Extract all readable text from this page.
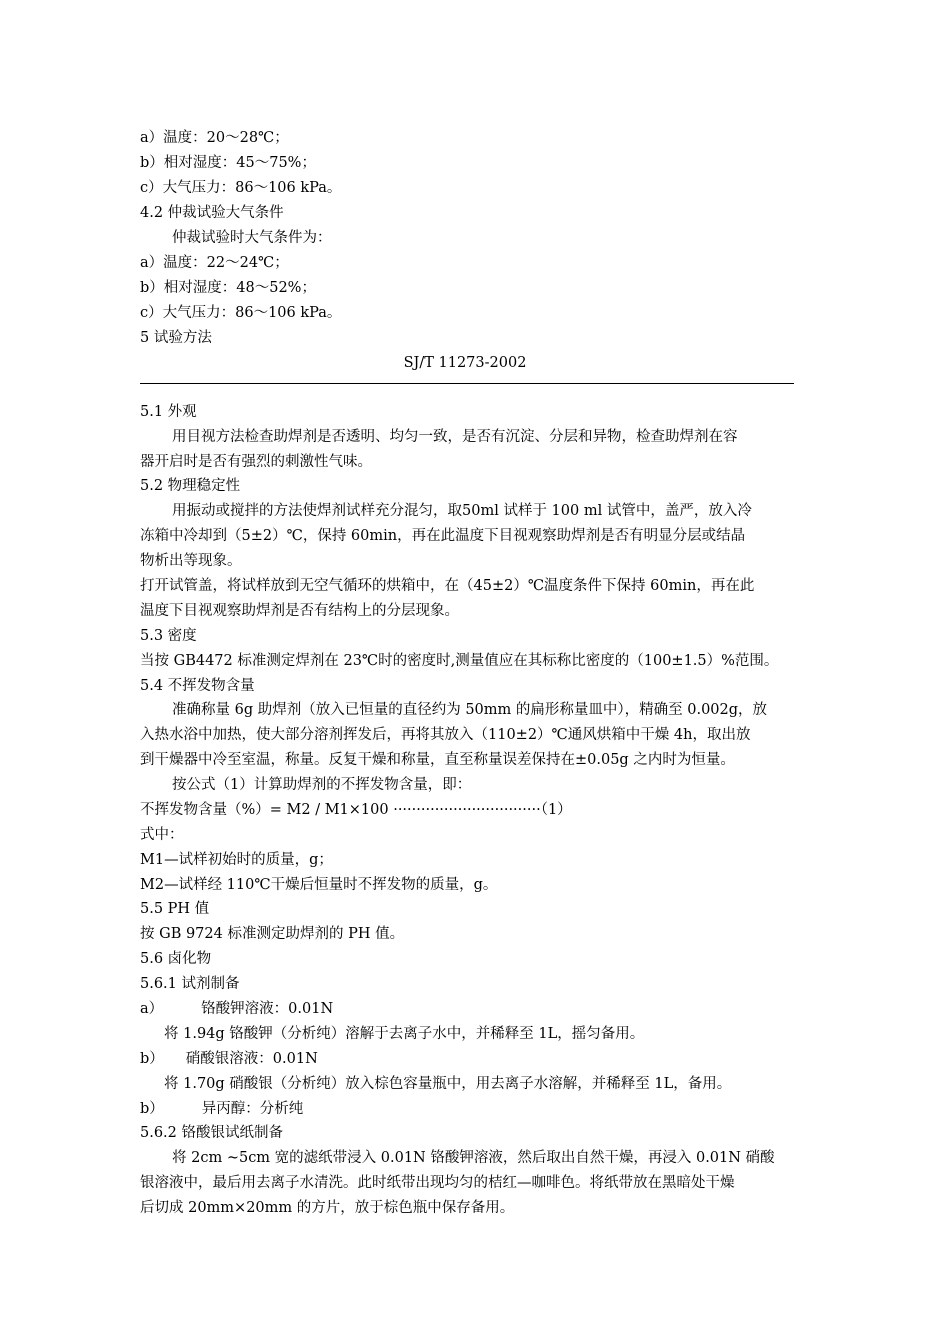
a）温度：20～28℃；
b）相对湿度：45～75%；
c）大气压力：86～106 kPa。
4.2 仲裁试验大气条件
仲裁试验时大气条件为：
a）温度：22～24℃；
b）相对湿度：48～52%；
c）大气压力：86～106 kPa。
5 试验方法
SJ/T 11273-2002
5.1 外观
用目视方法检查助焊剂是否透明、均匀一致，是否有沉淀、分层和异物，检查助焊剂在容
器开启时是否有强烈的刺激性气味。
5.2 物理稳定性
用振动或搅拌的方法使焊剂试样充分混匀，取50ml 试样于 100 ml 试管中，盖严，放入冷
冻箱中冷却到（5±2）℃，保持 60min，再在此温度下目视观察助焊剂是否有明显分层或结晶
物析出等现象。
打开试管盖，将试样放到无空气循环的烘箱中，在（45±2）℃温度条件下保持 60min，再在此
温度下目视观察助焊剂是否有结构上的分层现象。
5.3 密度
当按 GB4472 标准测定焊剂在 23℃时的密度时,测量值应在其标称比密度的（100±1.5）%范围。
5.4 不挥发物含量
准确称量 6g 助焊剂（放入已恒量的直径约为 50mm 的扁形称量皿中），精确至 0.002g，放
入热水浴中加热，使大部分溶剂挥发后，再将其放入（110±2）℃通风烘箱中干燥 4h，取出放
到干燥器中冷至室温，称量。反复干燥和称量，直至称量误差保持在±0.05g 之内时为恒量。
按公式（1）计算助焊剂的不挥发物含量，即：
不挥发物含量（%）= M2 / M1×100 ································（1）
式中：
M1—试样初始时的质量，g；
M2—试样经 110℃干燥后恒量时不挥发物的质量，g。
5.5 PH 值
按 GB 9724 标准测定助焊剂的 PH 值。
5.6 卤化物
5.6.1 试剂制备
a）	铬酸钾溶液：0.01N
将 1.94g 铬酸钾（分析纯）溶解于去离子水中，并稀释至 1L，摇匀备用。
b） 硝酸银溶液：0.01N
将 1.70g 硝酸银（分析纯）放入棕色容量瓶中，用去离子水溶解，并稀释至 1L，备用。
b）	异丙醇：分析纯
5.6.2 铬酸银试纸制备
将 2cm ~5cm 宽的滤纸带浸入 0.01N 铬酸钾溶液，然后取出自然干燥，再浸入 0.01N 硝酸
银溶液中，最后用去离子水清洗。此时纸带出现均匀的桔红—咖啡色。将纸带放在黑暗处干燥
后切成 20mm×20mm 的方片，放于棕色瓶中保存备用。
